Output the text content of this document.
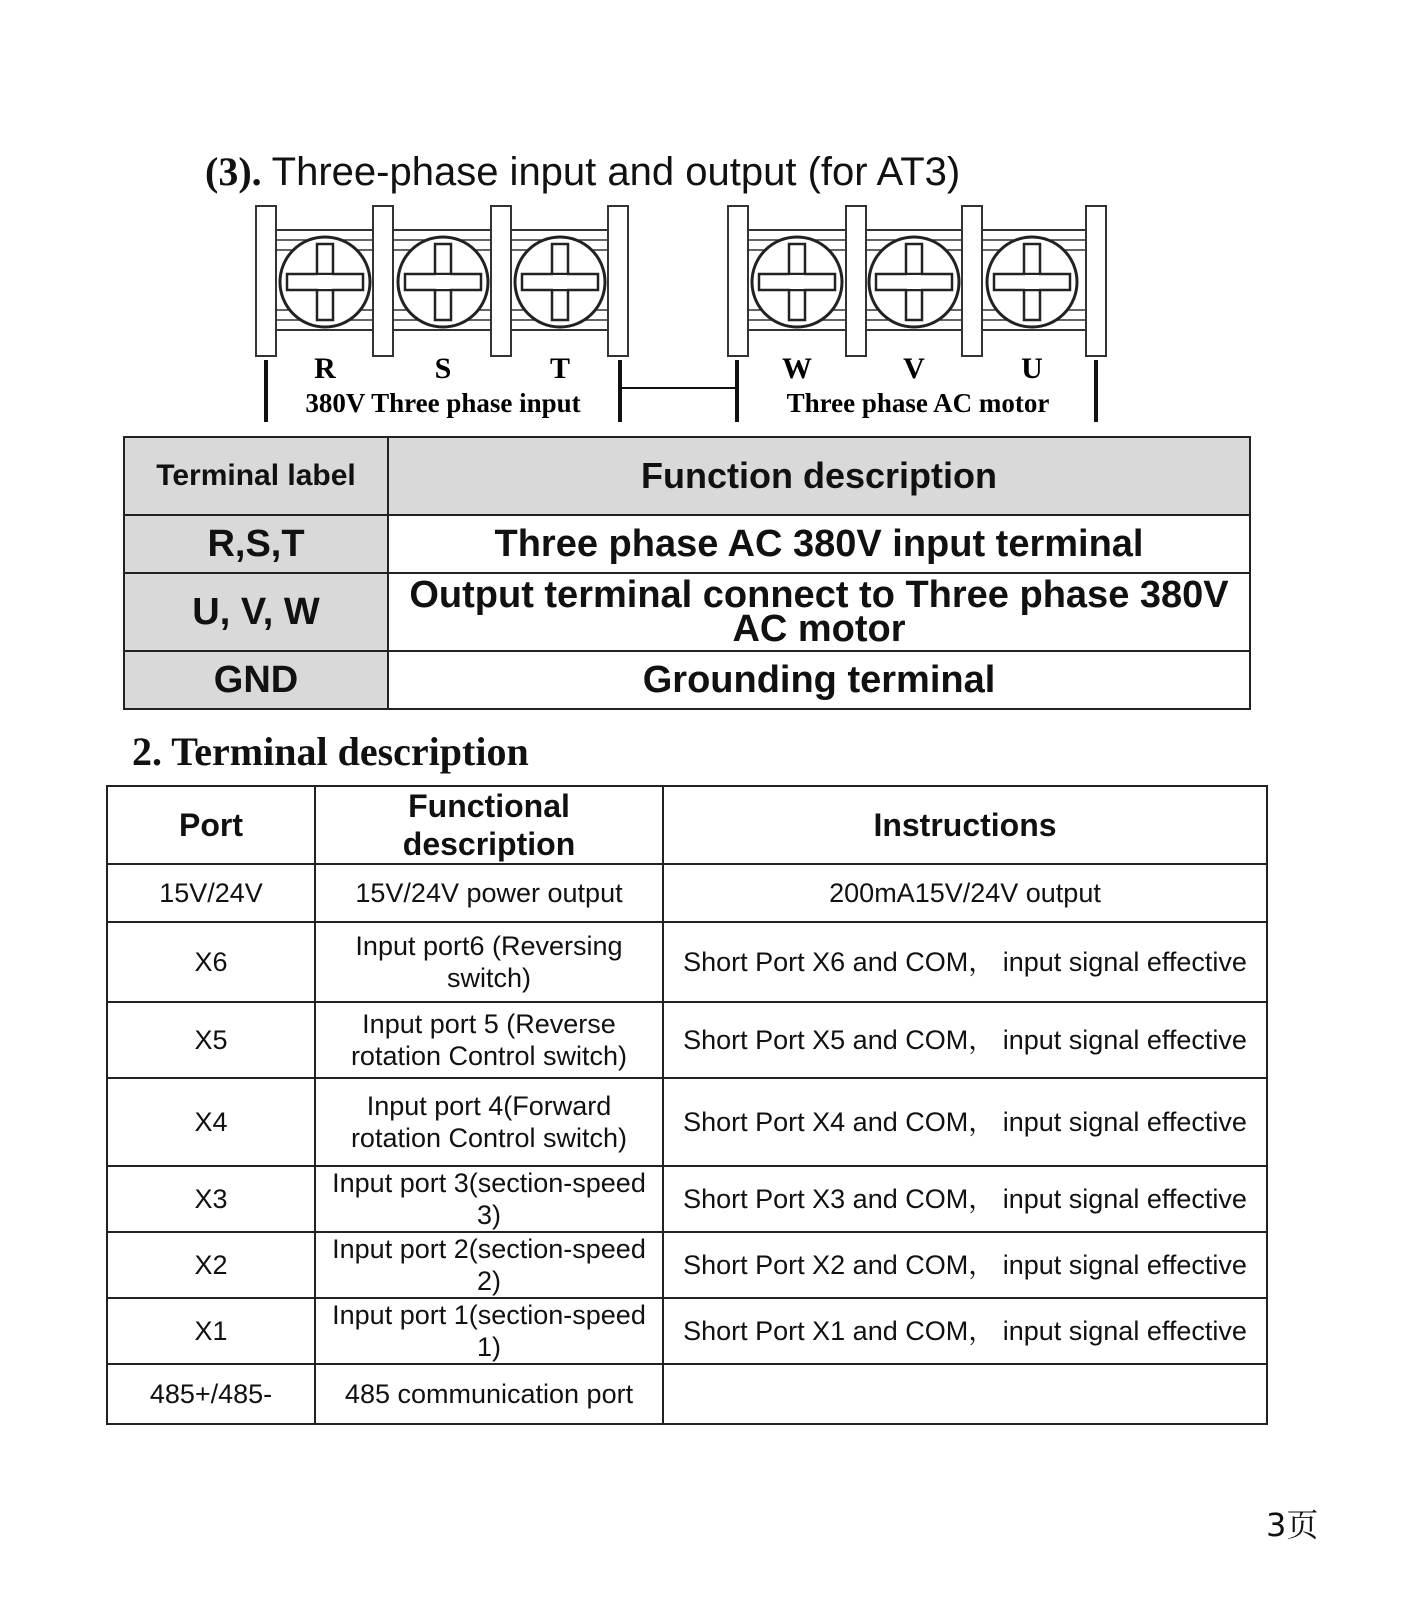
(3). Three-phase input and output (for AT3)
R	S	T	W	V	U
380V Three phase input	Three phase AC motor
Terminal label	Function description
R,S,T	Three phase AC 380V input terminal
U, V, W	Output terminal connect to Three phase 380V AC motor
GND	Grounding terminal
2. Terminal description
Port	Functional description	Instructions
15V/24V	15V/24V power output	200mA15V/24V output
X6	Input port6 (Reversing switch)	Short Port X6 and COM， input signal effective
X5	Input port 5 (Reverse rotation Control switch)	Short Port X5 and COM， input signal effective
X4	Input port 4(Forward rotation Control switch)	Short Port X4 and COM， input signal effective
X3	Input port 3(section-speed 3)	Short Port X3 and COM， input signal effective
X2	Input port 2(section-speed 2)	Short Port X2 and COM， input signal effective
X1	Input port 1(section-speed 1)	Short Port X1 and COM， input signal effective
485+/485-	485 communication port	
3页
